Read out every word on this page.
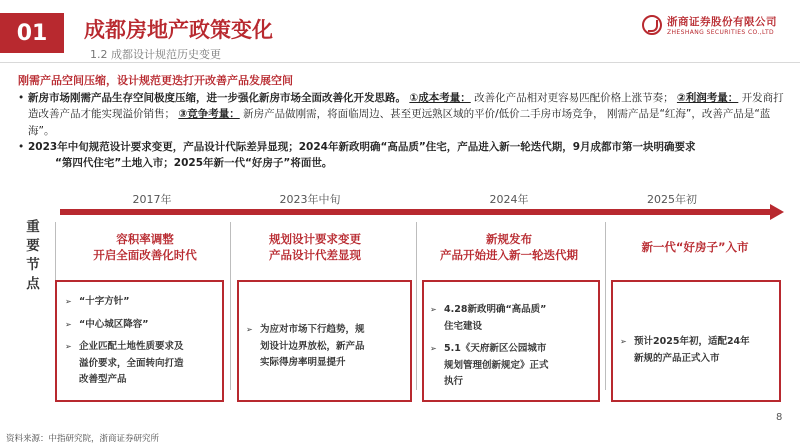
01	成都房地产政策变化
1.2 成都设计规范历史变更
浙商证券股份有限公司
ZHESHANG SECURITIES CO.,LTD
刚需产品空间压缩，设计规范更迭打开改善产品发展空间
• 新房市场刚需产品生存空间极度压缩，进一步强化新房市场全面改善化开发思路。 ①成本考量： 改善化产品相对更容易匹配价格上涨节奏； ②利润考量： 开发商打造改善产品才能实现溢价销售； ③竞争考量： 新房产品做刚需，将面临周边、甚至更远熟区域的平价/低价二手房市场竞争， 刚需产品是“红海”，改善产品是“蓝海”。
• 2023年中旬规范设计要求变更，产品设计代际差异显现；2024年新政明确“高品质”住宅，产品进入新一轮迭代期，9月成都市第一块明确要求
“第四代住宅”土地入市；2025年新一代“好房子”将面世。
2017年	2023年中旬	2024年	2025年初
重
要
节
点
容积率调整
开启全面改善化时代
规划设计要求变更
产品设计代差显现
新规发布
产品开始进入新一轮迭代期
新一代“好房子”入市
➢ “十字方针”
➢ “中心城区降容”
➢ 企业匹配土地性质要求及
溢价要求，全面转向打造
改善型产品
➢ 为应对市场下行趋势，规
划设计边界放松，新产品
实际得房率明显提升
➢ 4.28新政明确“高品质”
住宅建设
➢ 5.1《天府新区公园城市
规划管理创新规定》正式
执行
➢ 预计2025年初，适配24年
新规的产品正式入市
8
资料来源：中指研究院，浙商证券研究所
